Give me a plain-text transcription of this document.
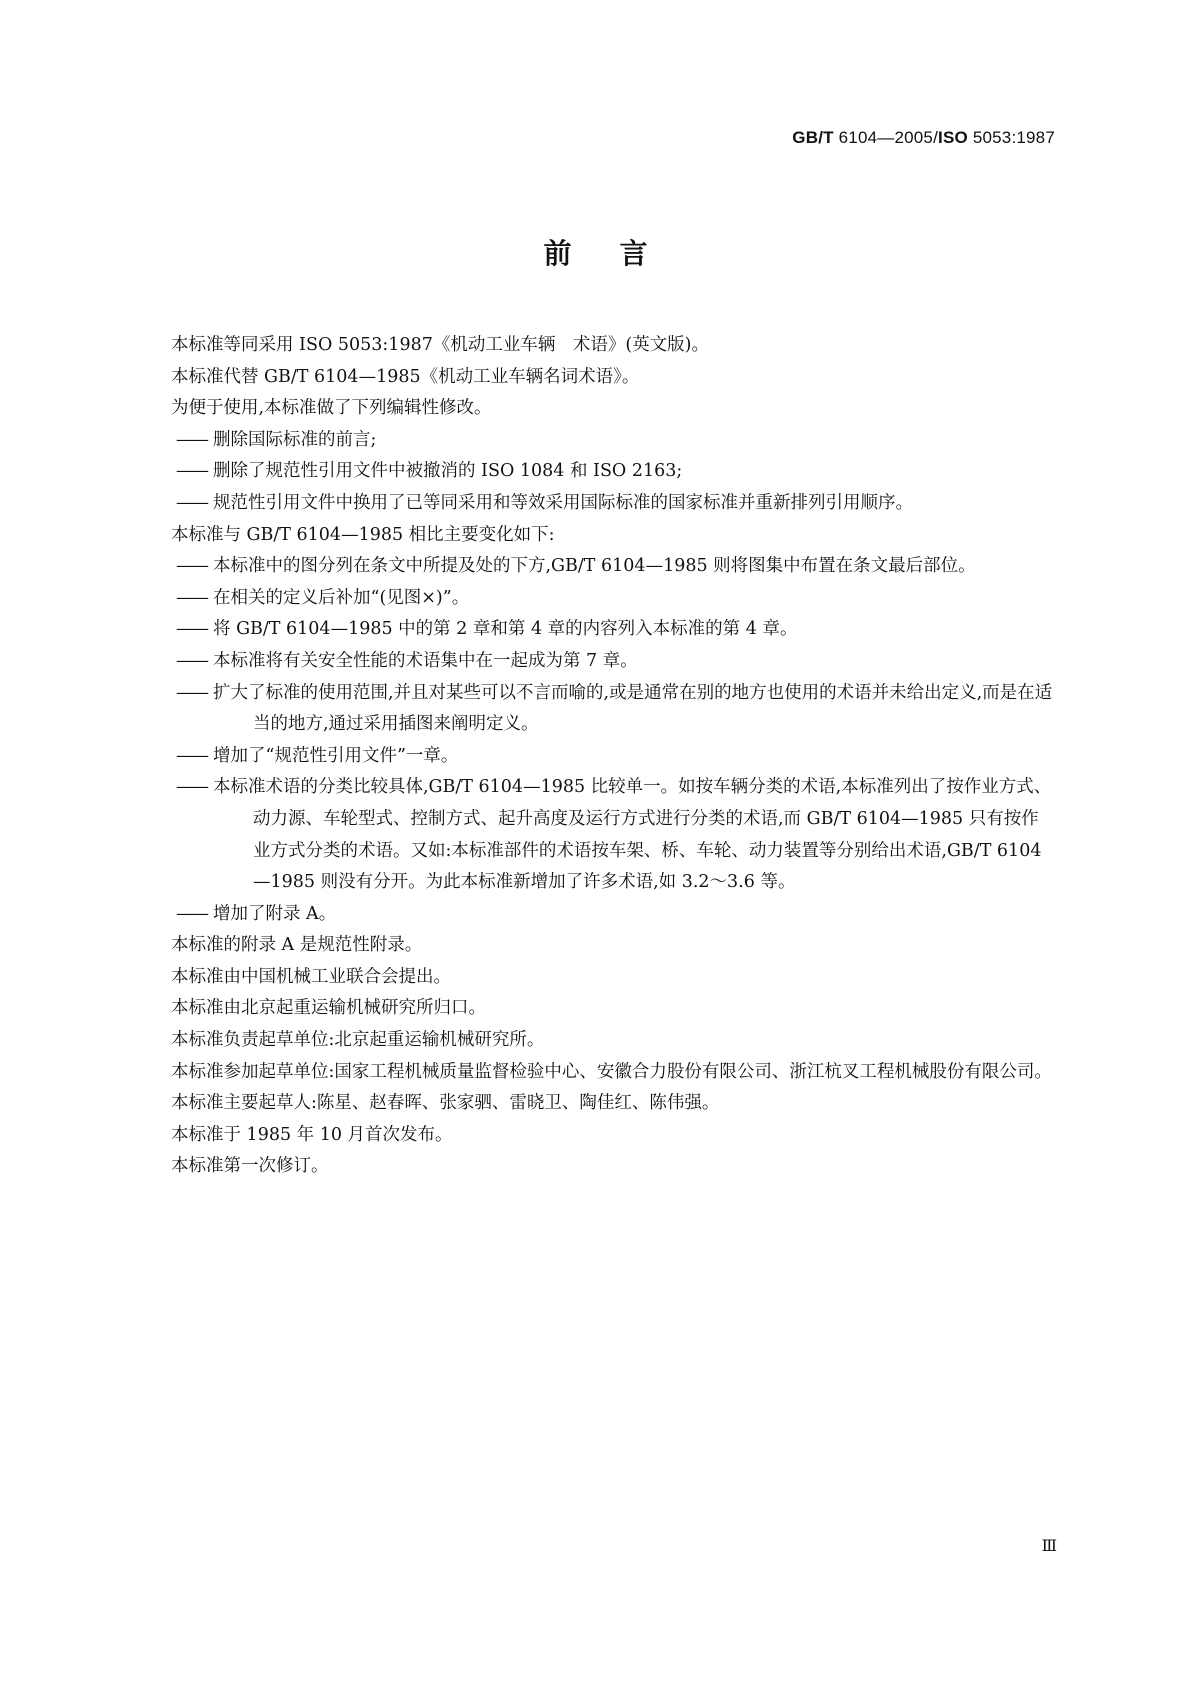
GB/T 6104—2005/ISO 5053:1987
前言

本标准等同采用 ISO 5053:1987《机动工业车辆　术语》(英文版)。

本标准代替 GB/T 6104—1985《机动工业车辆名词术语》。

为便于使用,本标准做了下列编辑性修改。

—— 删除国际标准的前言;

—— 删除了规范性引用文件中被撤消的 ISO 1084 和 ISO 2163;

—— 规范性引用文件中换用了已等同采用和等效采用国际标准的国家标准并重新排列引用顺序。

本标准与 GB/T 6104—1985 相比主要变化如下:

—— 本标准中的图分列在条文中所提及处的下方,GB/T 6104—1985 则将图集中布置在条文最后部位。

—— 在相关的定义后补加“(见图×)”。

—— 将 GB/T 6104—1985 中的第 2 章和第 4 章的内容列入本标准的第 4 章。

—— 本标准将有关安全性能的术语集中在一起成为第 7 章。

—— 扩大了标准的使用范围,并且对某些可以不言而喻的,或是通常在别的地方也使用的术语并未给出定义,而是在适当的地方,通过采用插图来阐明定义。

—— 增加了“规范性引用文件”一章。

—— 本标准术语的分类比较具体,GB/T 6104—1985 比较单一。如按车辆分类的术语,本标准列出了按作业方式、动力源、车轮型式、控制方式、起升高度及运行方式进行分类的术语,而 GB/T 6104—1985 只有按作业方式分类的术语。又如:本标准部件的术语按车架、桥、车轮、动力装置等分别给出术语,GB/T 6104—1985 则没有分开。为此本标准新增加了许多术语,如 3.2～3.6 等。

—— 增加了附录 A。

本标准的附录 A 是规范性附录。

本标准由中国机械工业联合会提出。

本标准由北京起重运输机械研究所归口。

本标准负责起草单位:北京起重运输机械研究所。

本标准参加起草单位:国家工程机械质量监督检验中心、安徽合力股份有限公司、浙江杭叉工程机械股份有限公司。

本标准主要起草人:陈星、赵春晖、张家驷、雷晓卫、陶佳红、陈伟强。

本标准于 1985 年 10 月首次发布。

本标准第一次修订。

Ⅲ
